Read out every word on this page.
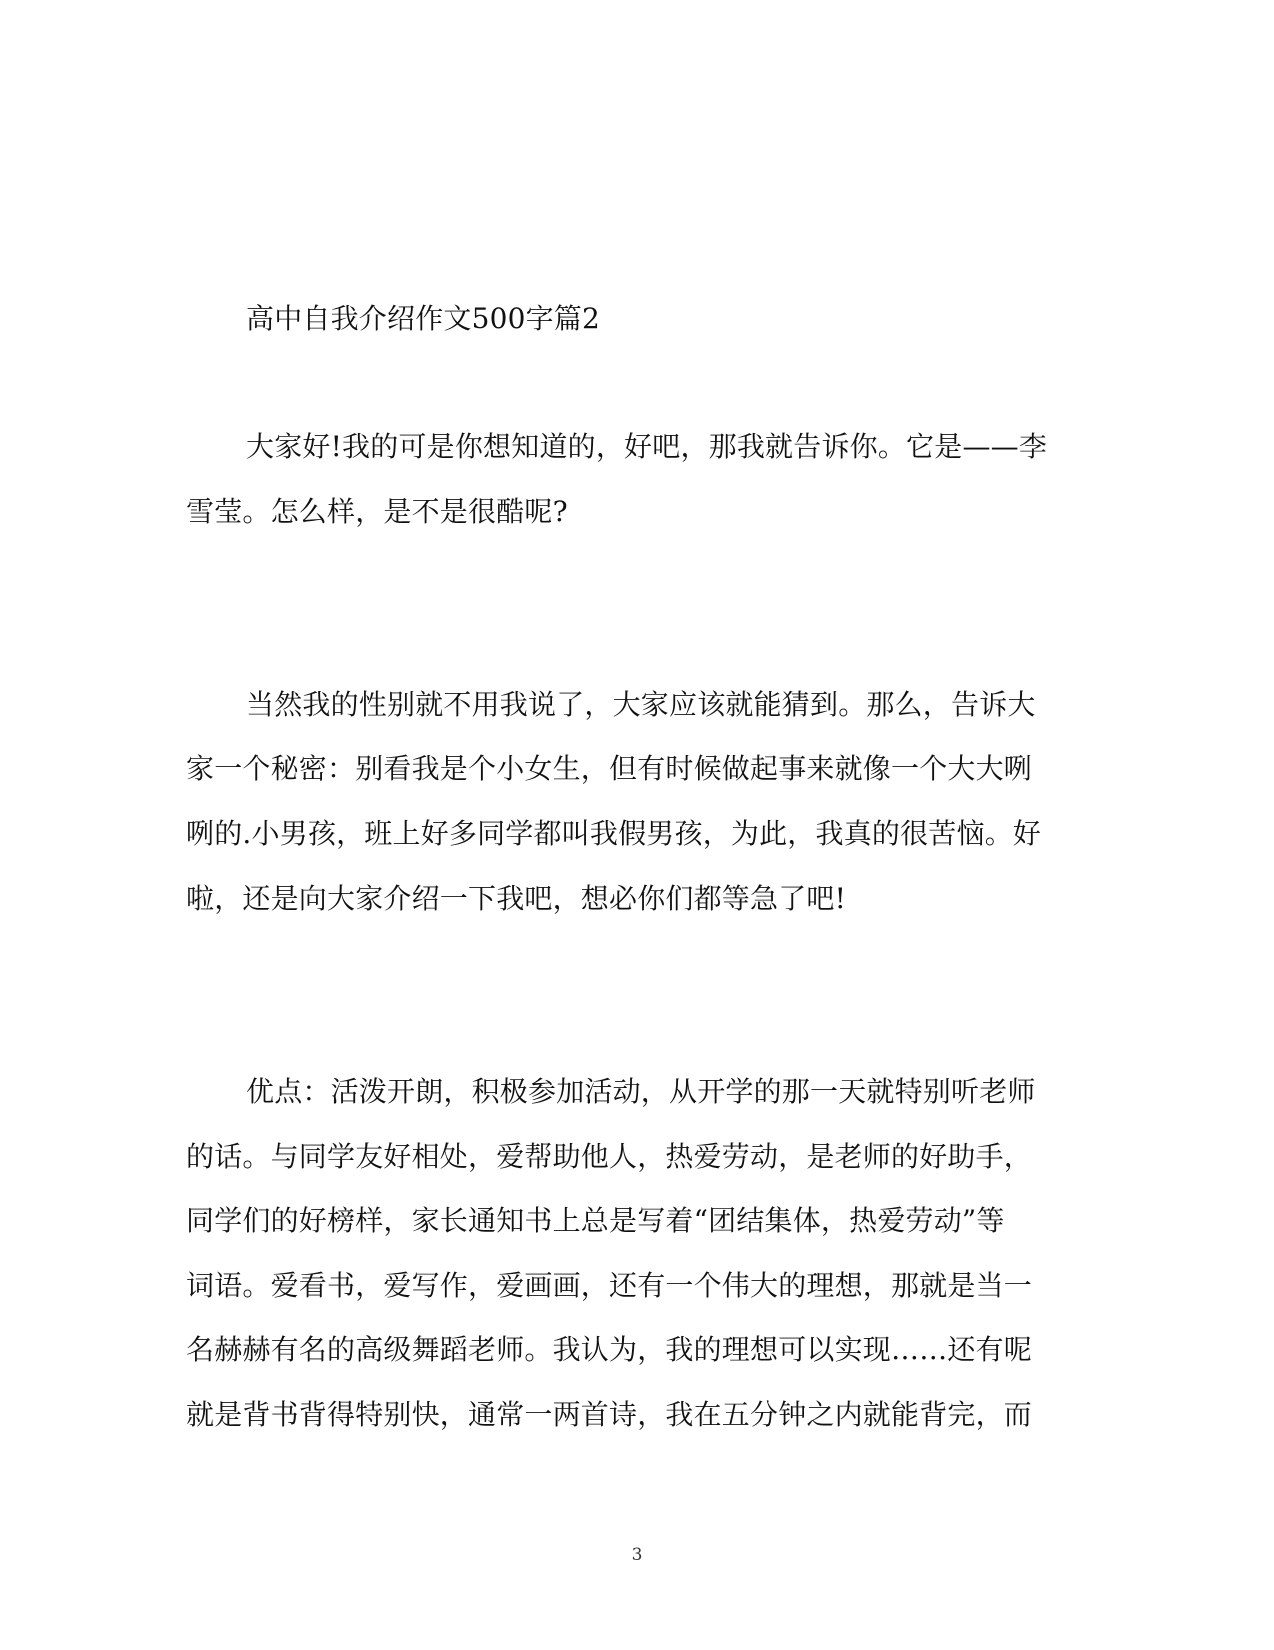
高中自我介绍作文500字篇2
大家好!我的可是你想知道的，好吧，那我就告诉你。它是——李
雪莹。怎么样，是不是很酷呢?
当然我的性别就不用我说了，大家应该就能猜到。那么，告诉大
家一个秘密：别看我是个小女生，但有时候做起事来就像一个大大咧
咧的.小男孩，班上好多同学都叫我假男孩，为此，我真的很苦恼。好
啦，还是向大家介绍一下我吧，想必你们都等急了吧!
优点：活泼开朗，积极参加活动，从开学的那一天就特别听老师
的话。与同学友好相处，爱帮助他人，热爱劳动，是老师的好助手，
同学们的好榜样，家长通知书上总是写着“团结集体，热爱劳动”等
词语。爱看书，爱写作，爱画画，还有一个伟大的理想，那就是当一
名赫赫有名的高级舞蹈老师。我认为，我的理想可以实现……还有呢
就是背书背得特别快，通常一两首诗，我在五分钟之内就能背完，而
3
